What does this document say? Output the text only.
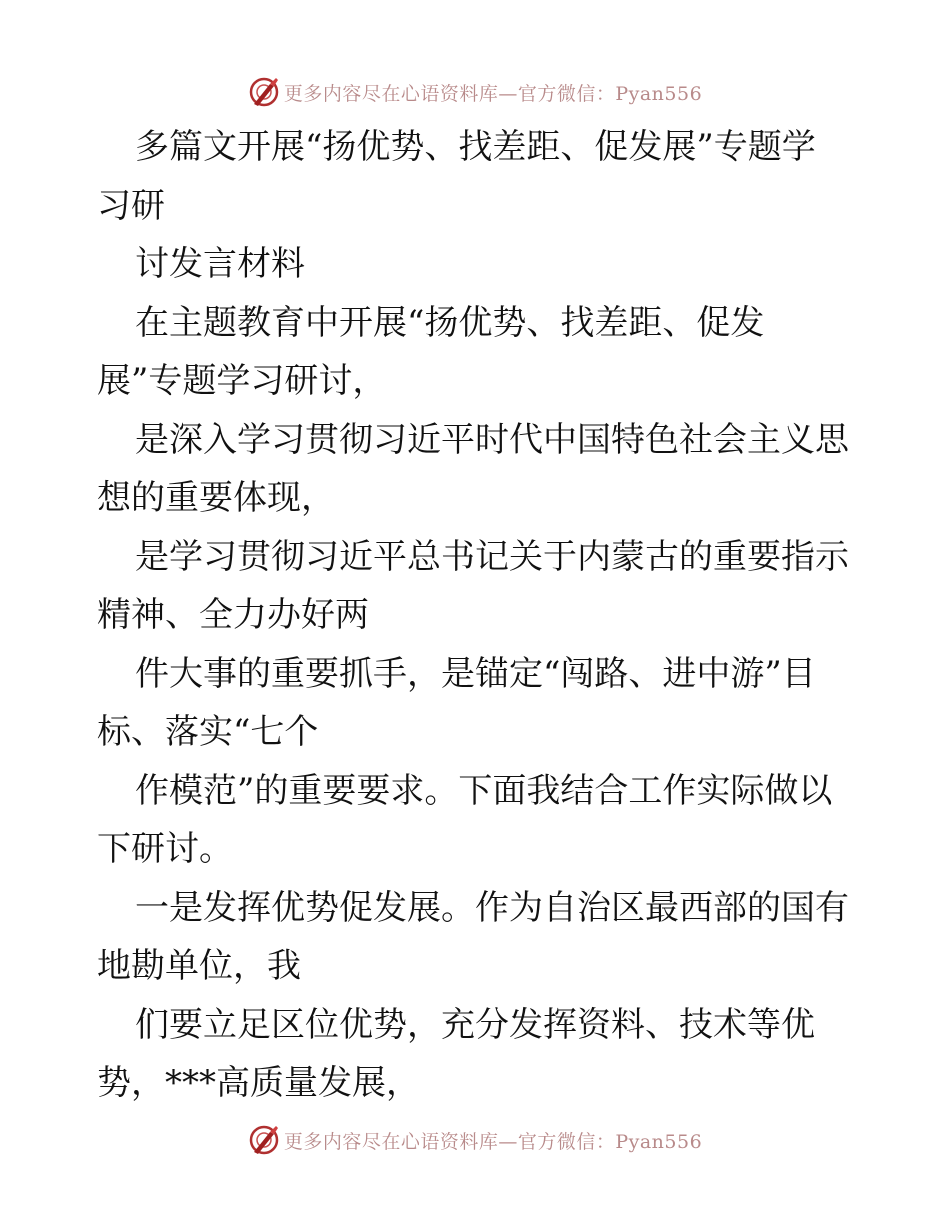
更多内容尽在心语资料库—官方微信：Pyan556
多篇文开展“扬优势、找差距、促发展”专题学
习研
讨发言材料
在主题教育中开展“扬优势、找差距、促发
展”专题学习研讨，
是深入学习贯彻习近平时代中国特色社会主义思
想的重要体现，
是学习贯彻习近平总书记关于内蒙古的重要指示
精神、全力办好两
件大事的重要抓手，是锚定“闯路、进中游”目
标、落实“七个
作模范”的重要要求。下面我结合工作实际做以
下研讨。
一是发挥优势促发展。作为自治区最西部的国有
地勘单位，我
们要立足区位优势，充分发挥资料、技术等优
势，***高质量发展，
更多内容尽在心语资料库—官方微信：Pyan556
